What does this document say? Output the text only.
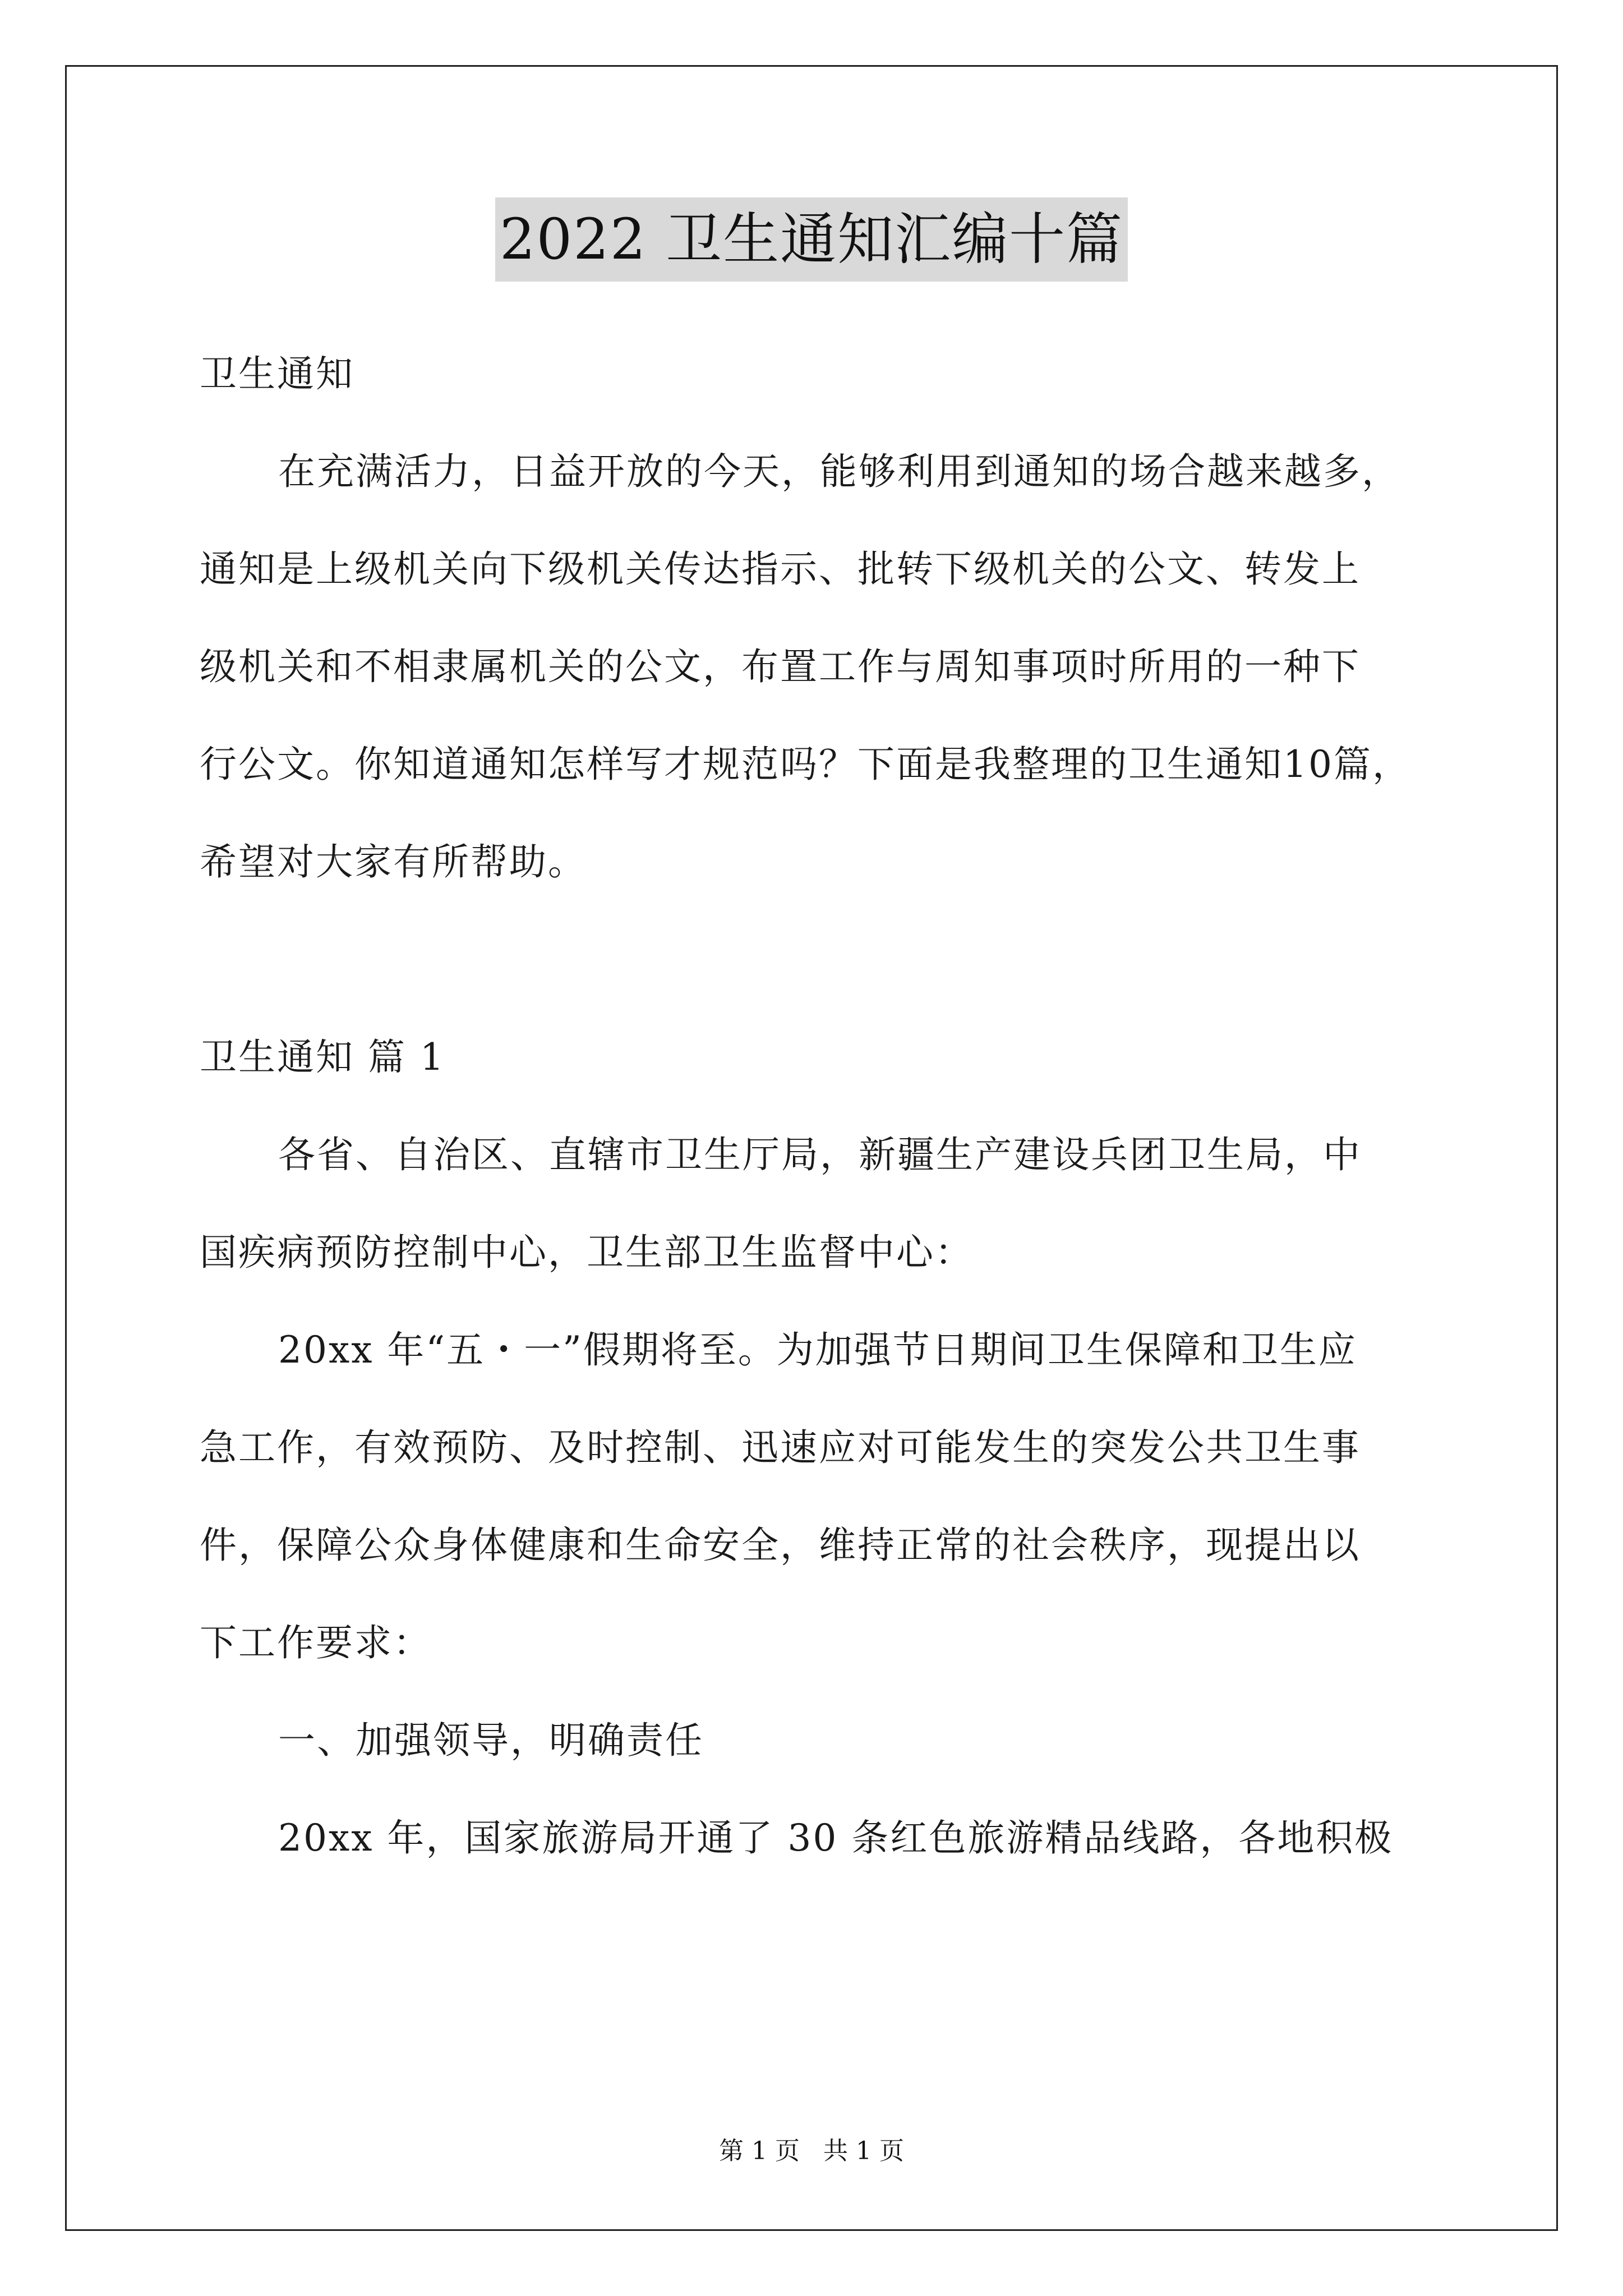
2022 卫生通知汇编十篇
卫生通知
在充满活力，日益开放的今天，能够利用到通知的场合越来越多，
通知是上级机关向下级机关传达指示、批转下级机关的公文、转发上
级机关和不相隶属机关的公文，布置工作与周知事项时所用的一种下
行公文。你知道通知怎样写才规范吗？下面是我整理的卫生通知10篇，
希望对大家有所帮助。
卫生通知 篇 1
各省、自治区、直辖市卫生厅局，新疆生产建设兵团卫生局，中
国疾病预防控制中心，卫生部卫生监督中心：
20xx 年“五・一”假期将至。为加强节日期间卫生保障和卫生应
急工作，有效预防、及时控制、迅速应对可能发生的突发公共卫生事
件，保障公众身体健康和生命安全，维持正常的社会秩序，现提出以
下工作要求：
一、加强领导，明确责任
20xx 年，国家旅游局开通了 30 条红色旅游精品线路，各地积极
第 1 页 共 1 页
